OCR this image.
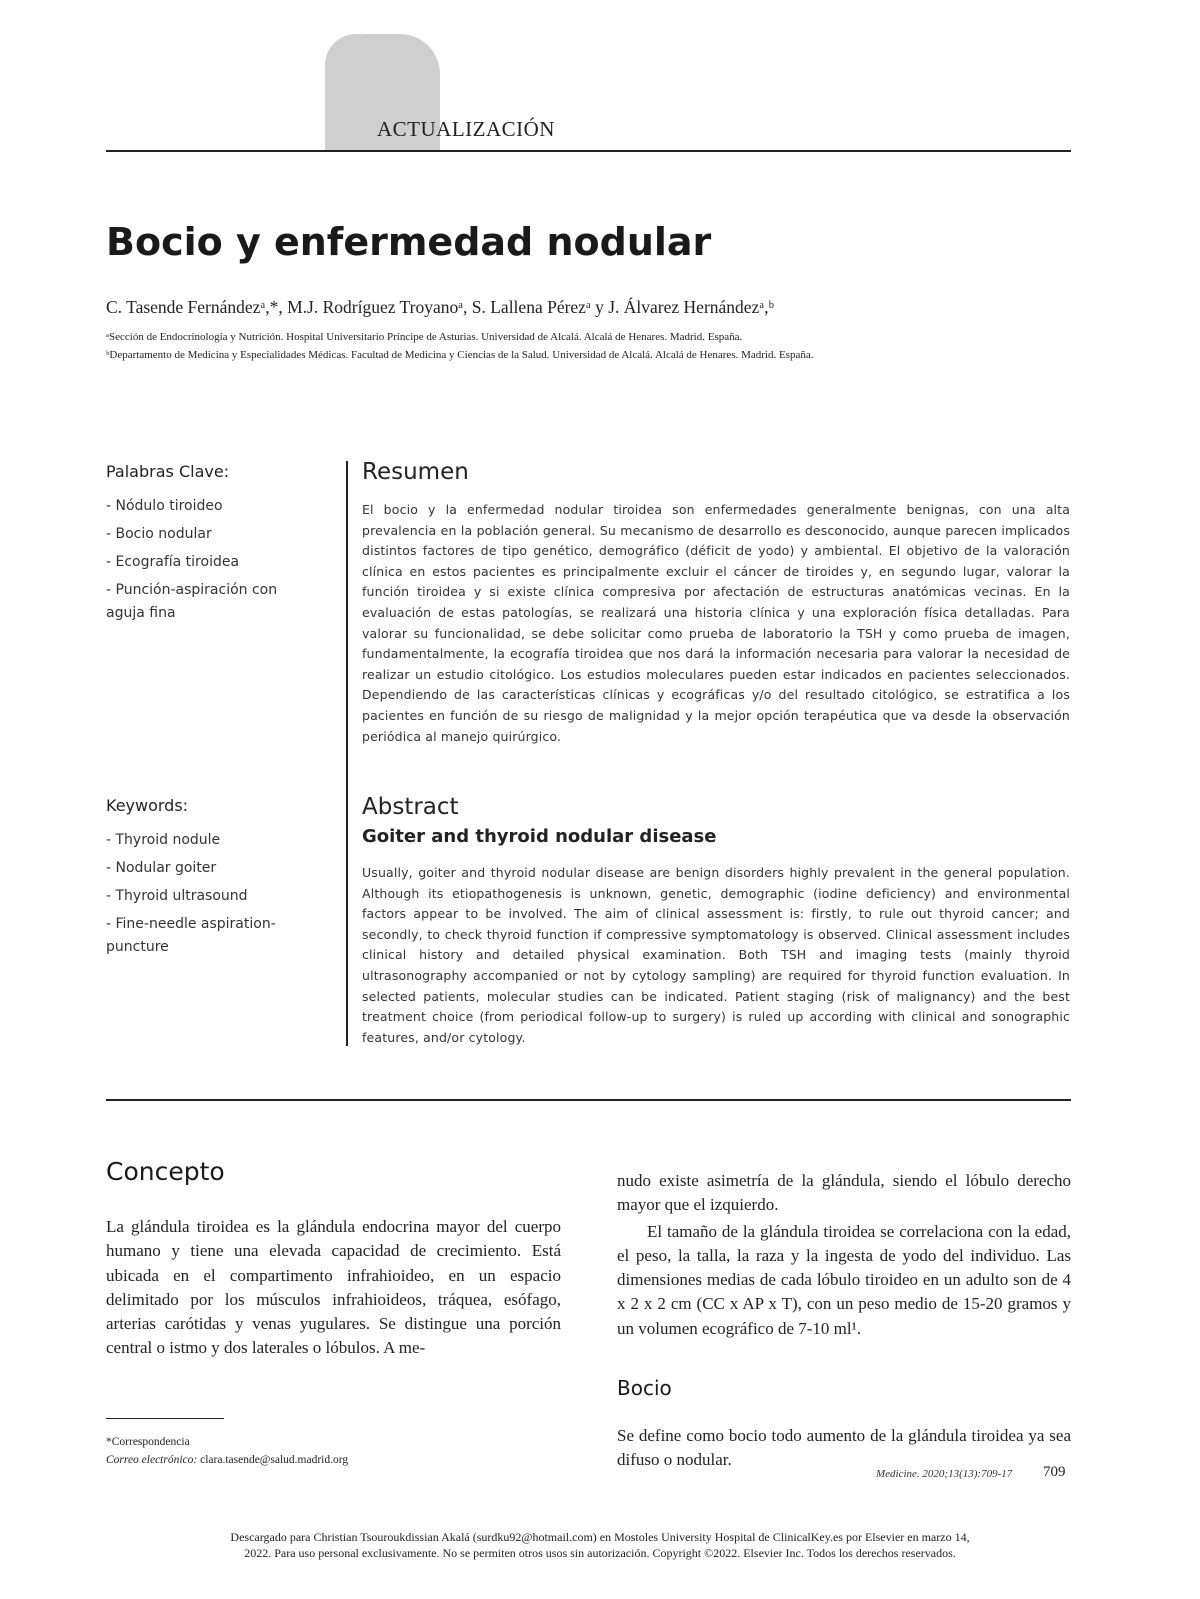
ACTUALIZACIÓN
Bocio y enfermedad nodular
C. Tasende Fernándezᵃ,*, M.J. Rodríguez Troyanoᵃ, S. Lallena Pérezᵃ y J. Álvarez Hernándezᵃ,ᵇ
ᵃSección de Endocrinología y Nutrición. Hospital Universitario Príncipe de Asturias. Universidad de Alcalá. Alcalá de Henares. Madrid. España.
ᵇDepartamento de Medicina y Especialidades Médicas. Facultad de Medicina y Ciencias de la Salud. Universidad de Alcalá. Alcalá de Henares. Madrid. España.
Palabras Clave:
- Nódulo tiroideo
- Bocio nodular
- Ecografía tiroidea
- Punción-aspiración con aguja fina
Resumen

El bocio y la enfermedad nodular tiroidea son enfermedades generalmente benignas, con una alta prevalencia en la población general. Su mecanismo de desarrollo es desconocido, aunque parecen implicados distintos factores de tipo genético, demográfico (déficit de yodo) y ambiental. El objetivo de la valoración clínica en estos pacientes es principalmente excluir el cáncer de tiroides y, en segundo lugar, valorar la función tiroidea y si existe clínica compresiva por afectación de estructuras anatómicas vecinas. En la evaluación de estas patologías, se realizará una historia clínica y una exploración física detalladas. Para valorar su funcionalidad, se debe solicitar como prueba de laboratorio la TSH y como prueba de imagen, fundamentalmente, la ecografía tiroidea que nos dará la información necesaria para valorar la necesidad de realizar un estudio citológico. Los estudios moleculares pueden estar indicados en pacientes seleccionados. Dependiendo de las características clínicas y ecográficas y/o del resultado citológico, se estratifica a los pacientes en función de su riesgo de malignidad y la mejor opción terapéutica que va desde la observación periódica al manejo quirúrgico.

Keywords:
- Thyroid nodule
- Nodular goiter
- Thyroid ultrasound
- Fine-needle aspiration-puncture
Abstract
Goiter and thyroid nodular disease

Usually, goiter and thyroid nodular disease are benign disorders highly prevalent in the general population. Although its etiopathogenesis is unknown, genetic, demographic (iodine deficiency) and environmental factors appear to be involved. The aim of clinical assessment is: firstly, to rule out thyroid cancer; and secondly, to check thyroid function if compressive symptomatology is observed. Clinical assessment includes clinical history and detailed physical examination. Both TSH and imaging tests (mainly thyroid ultrasonography accompanied or not by cytology sampling) are required for thyroid function evaluation. In selected patients, molecular studies can be indicated. Patient staging (risk of malignancy) and the best treatment choice (from periodical follow-up to surgery) is ruled up according with clinical and sonographic features, and/or cytology.

Concepto

La glándula tiroidea es la glándula endocrina mayor del cuerpo humano y tiene una elevada capacidad de crecimiento. Está ubicada en el compartimento infrahioideo, en un espacio delimitado por los músculos infrahioideos, tráquea, esófago, arterias carótidas y venas yugulares. Se distingue una porción central o istmo y dos laterales o lóbulos. A me-

nudo existe asimetría de la glándula, siendo el lóbulo derecho mayor que el izquierdo.

El tamaño de la glándula tiroidea se correlaciona con la edad, el peso, la talla, la raza y la ingesta de yodo del individuo. Las dimensiones medias de cada lóbulo tiroideo en un adulto son de 4 x 2 x 2 cm (CC x AP x T), con un peso medio de 15-20 gramos y un volumen ecográfico de 7-10 ml¹.

Bocio

Se define como bocio todo aumento de la glándula tiroidea ya sea difuso o nodular.

*Correspondencia
Correo electrónico: clara.tasende@salud.madrid.org
Medicine. 2020;13(13):709-17 709
Descargado para Christian Tsouroukdissian Akalá (surdku92@hotmail.com) en Mostoles University Hospital de ClinicalKey.es por Elsevier en marzo 14,
2022. Para uso personal exclusivamente. No se permiten otros usos sin autorización. Copyright ©2022. Elsevier Inc. Todos los derechos reservados.
